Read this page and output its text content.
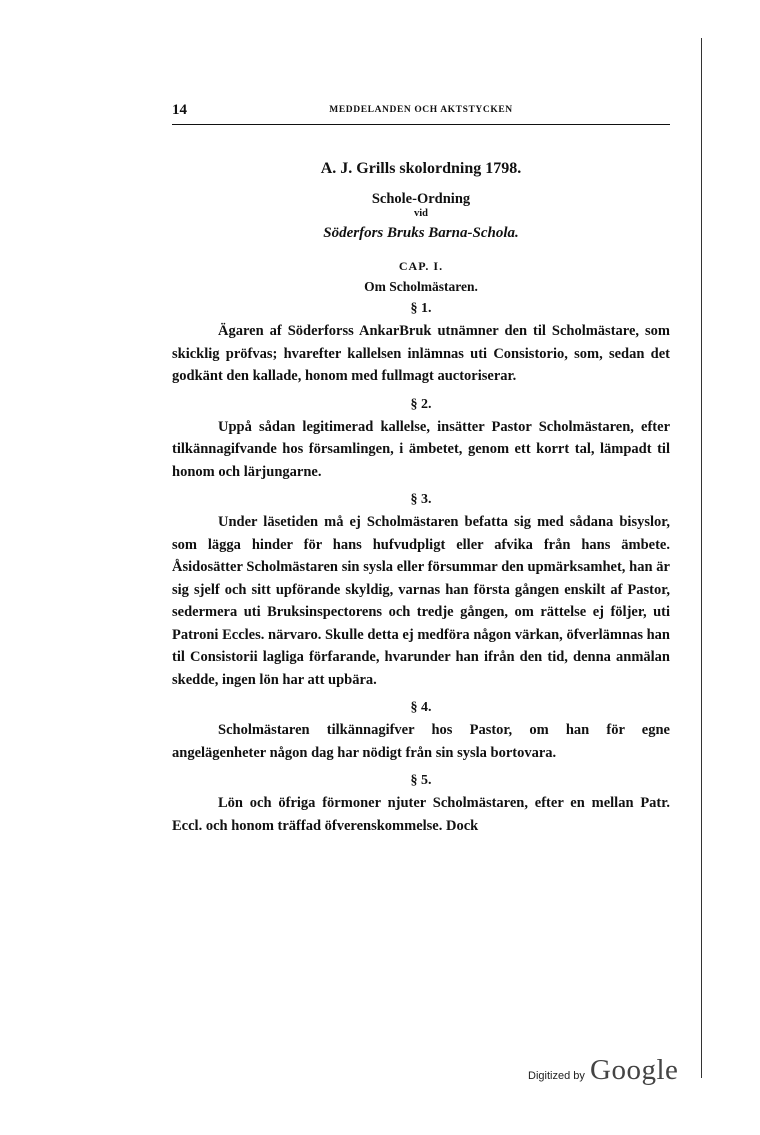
14	MEDDELANDEN OCH AKTSTYCKEN

A. J. Grills skolordning 1798.

Schole-Ordning

vid

Söderfors Bruks Barna-Schola.

CAP. I.

Om Scholmästaren.

§ 1.

Ägaren af Söderforss AnkarBruk utnämner den til Scholmästare, som skicklig pröfvas; hvarefter kallelsen inlämnas uti Consistorio, som, sedan det godkänt den kallade, honom med fullmagt auctoriserar.

§ 2.

Uppå sådan legitimerad kallelse, insätter Pastor Scholmästaren, efter tilkännagifvande hos församlingen, i ämbetet, genom ett korrt tal, lämpadt til honom och lärjungarne.

§ 3.

Under läsetiden må ej Scholmästaren befatta sig med sådana bisyslor, som lägga hinder för hans hufvudpligt eller afvika från hans ämbete. Åsidosätter Scholmästaren sin sysla eller försummar den upmärksamhet, han är sig sjelf och sitt upförande skyldig, varnas han första gången enskilt af Pastor, sedermera uti Bruksinspectorens och tredje gången, om rättelse ej följer, uti Patroni Eccles. närvaro. Skulle detta ej medföra någon värkan, öfverlämnas han til Consistorii lagliga förfarande, hvarunder han ifrån den tid, denna anmälan skedde, ingen lön har att upbära.

§ 4.

Scholmästaren tilkännagifver hos Pastor, om han för egne angelägenheter någon dag har nödigt från sin sysla bortovara.

§ 5.

Lön och öfriga förmoner njuter Scholmästaren, efter en mellan Patr. Eccl. och honom träffad öfverenskommelse. Dock

Digitized by Google
